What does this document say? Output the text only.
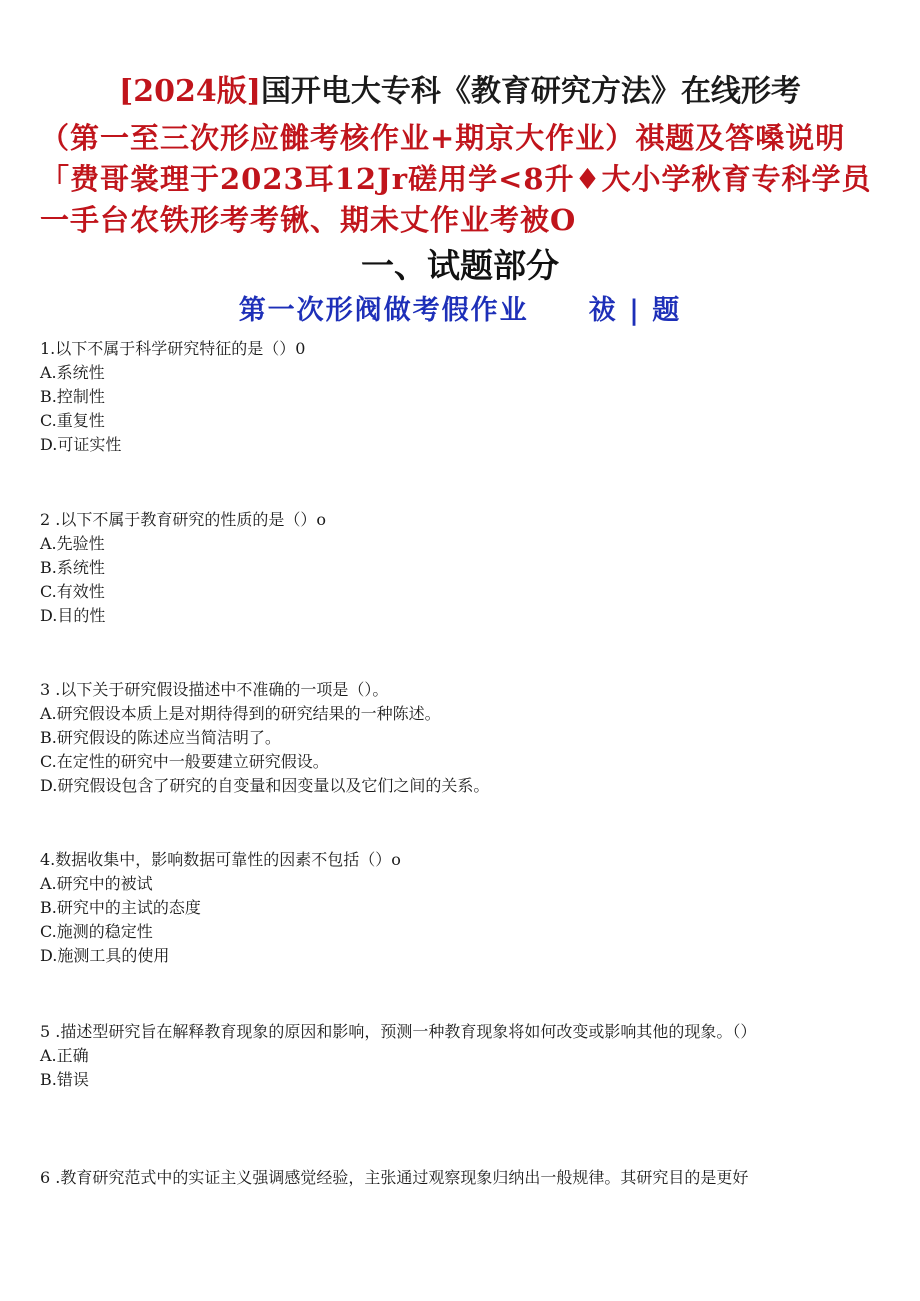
[2024版]国开电大专科《教育研究方法》在线形考
（第一至三次形应雠考核作业+期京大作业）祺题及答嗓说明「费哥裳理于2023耳12Jr磋用学<8升♦大小学秋育专科学员一手台农铁形考考锹、期未丈作业考被O
一、试题部分
第一次形阀做考假作业 祓 | 题
1.以下不属于科学研究特征的是（）0
A.系统性
B.控制性
C.重复性
D.可证实性
2 .以下不属于教育研究的性质的是（）o
A.先验性
B.系统性
C.有效性
D.目的性
3 .以下关于研究假设描述中不准确的一项是（）。
A.研究假设本质上是对期待得到的研究结果的一种陈述。
B.研究假设的陈述应当简洁明了。
C.在定性的研究中一般要建立研究假设。
D.研究假设包含了研究的自变量和因变量以及它们之间的关系。
4.数据收集中，影响数据可靠性的因素不包括（）o
A.研究中的被试
B.研究中的主试的态度
C.施测的稳定性
D.施测工具的使用
5 .描述型研究旨在解释教育现象的原因和影响，预测一种教育现象将如何改变或影响其他的现象。（）
A.正确
B.错误
6 .教育研究范式中的实证主义强调感觉经验，主张通过观察现象归纳出一般规律。其研究目的是更好
